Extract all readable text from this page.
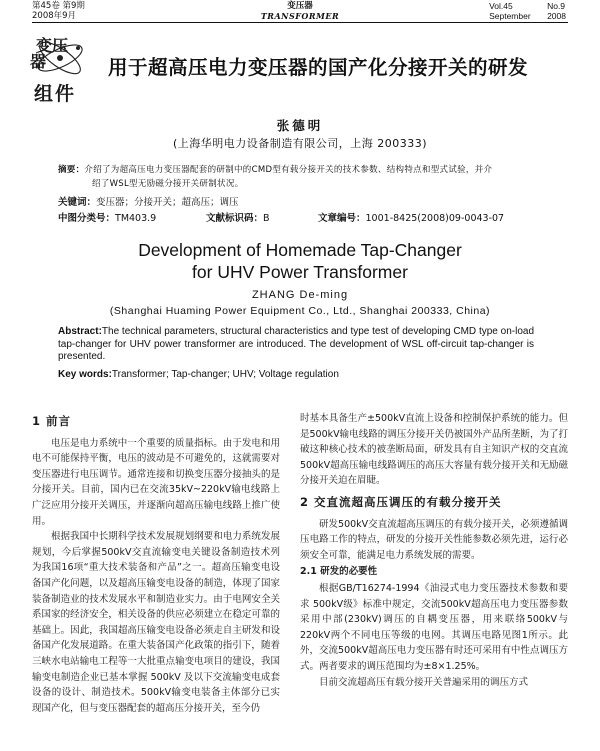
第45卷 第9期
2008年9月
变压器
TRANSFORMER
Vol.45	No.9
September 2008
变压
器
组件
用于超高压电力变压器的国产化分接开关的研发
张德明
(上海华明电力设备制造有限公司，上海 200333)
摘要：介绍了为超高压电力变压器配套的研制中的CMD型有载分接开关的技术参数、结构特点和型式试验，并介
绍了WSL型无励磁分接开关研制状况。
关键词：变压器；分接开关；超高压；调压
中图分类号：TM403.9	文献标识码：B	文章编号：1001-8425(2008)09-0043-07
Development of Homemade Tap-Changer
for UHV Power Transformer
ZHANG De-ming
(Shanghai Huaming Power Equipment Co., Ltd., Shanghai 200333, China)
Abstract:The technical parameters, structural characteristics and type test of developing CMD type on-load tap-changer for UHV power transformer are introduced. The development of WSL off-circuit tap-changer is presented.
Key words:Transformer; Tap-changer; UHV; Voltage regulation
1 前言

电压是电力系统中一个重要的质量指标。由于发电和用电不可能保持平衡，电压的波动是不可避免的，这就需要对变压器进行电压调节。通常连接和切换变压器分接抽头的是分接开关。目前，国内已在交流35kV~220kV输电线路上广泛应用分接开关调压，并逐渐向超高压输电线路上推广使用。

根据我国中长期科学技术发展规划纲要和电力系统发展规划，今后掌握500kV交直流输变电关键设备制造技术列为我国16项“重大技术装备和产品”之一。超高压输变电设备国产化问题，以及超高压输变电设备的制造，体现了国家装备制造业的技术发展水平和制造业实力。由于电网安全关系国家的经济安全，相关设备的供应必须建立在稳定可靠的基础上。因此，我国超高压输变电设备必须走自主研发和设备国产化发展道路。在重大装备国产化政策的指引下，随着三峡水电站输电工程等一大批重点输变电项目的建设，我国输变电制造企业已基本掌握 500kV 及以下交流输变电成套设备的设计、制造技术。500kV输变电装备主体部分已实现国产化，但与变压器配套的超高压分接开关，至今仍

时基本具备生产±500kV直流上设备和控制保护系统的能力。但是500kV输电线路的调压分接开关仍被国外产品所垄断，为了打破这种核心技术的被垄断局面，研发具有自主知识产权的交直流500kV超高压输电线路调压的高压大容量有载分接开关和无励磁分接开关迫在眉睫。

2 交直流超高压调压的有载分接开关

研发500kV交直流超高压调压的有载分接开关，必须遵循调压电路工作的特点，研发的分接开关性能参数必须先进，运行必须安全可靠，能满足电力系统发展的需要。

2.1 研发的必要性

根据GB/T16274-1994《油浸式电力变压器技术参数和要求 500kV级》标准中规定，交流500kV超高压电力变压器参数采用中部(230kV)调压的自耦变压器，用来联络500kV与220kV两个不同电压等级的电网。其调压电路见图1所示。此外，交流500kV超高压电力变压器有时还可采用有中性点调压方式。两者要求的调压范围均为±8×1.25%。

目前交流超高压有载分接开关普遍采用的调压方式
